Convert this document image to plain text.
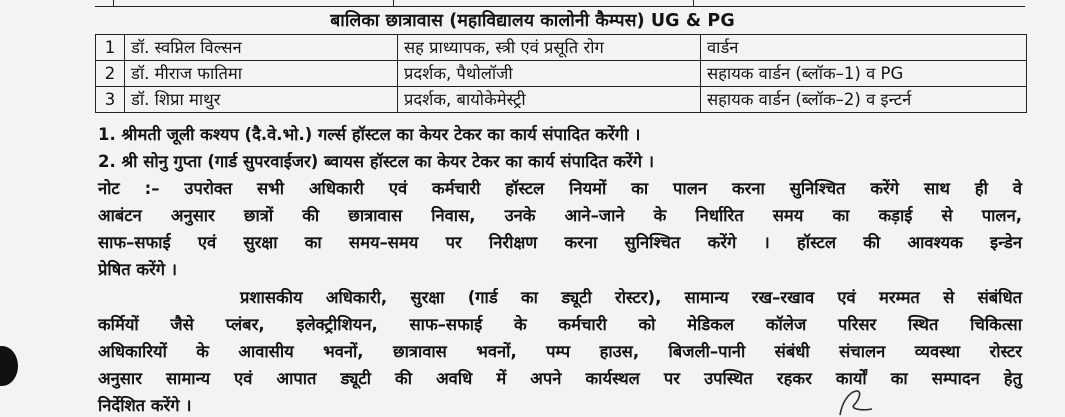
बालिका छात्रावास (महाविद्यालय कालोनी कैम्पस) UG & PG
1	डॉ. स्वप्निल विल्सन	सह प्राध्यापक, स्त्री एवं प्रसूति रोग	वार्डन
2	डॉ. मीराज फातिमा	प्रदर्शक, पैथोलॉजी	सहायक वार्डन (ब्लॉक–1) व PG
3	डॉ. शिप्रा माथुर	प्रदर्शक, बायोकेमेस्ट्री	सहायक वार्डन (ब्लॉक–2) व इन्टर्न
1. श्रीमती जूली कश्यप (दै.वे.भो.) गर्ल्स हॉस्टल का केयर टेकर का कार्य संपादित करेंगी ।
2. श्री सोनु गुप्ता (गार्ड सुपरवाईजर) ब्वायस हॉस्टल का केयर टेकर का कार्य संपादित करेंगे ।
नोट :– उपरोक्त सभी अधिकारी एवं कर्मचारी हॉस्टल नियमों का पालन करना सुनिश्चित करेंगे साथ ही वे
आबंटन अनुसार छात्रों की छात्रावास निवास, उनके आने–जाने के निर्धारित समय का कड़ाई से पालन,
साफ–सफाई एवं सुरक्षा का समय–समय पर निरीक्षण करना सुनिश्चित करेंगे । हॉस्टल की आवश्यक इन्डेन
प्रेषित करेंगे ।
प्रशासकीय अधिकारी, सुरक्षा (गार्ड का ड्यूटी रोस्टर), सामान्य रख–रखाव एवं मरम्मत से संबंधित
कर्मियों जैसे प्लंबर, इलेक्ट्रीशियन, साफ–सफाई के कर्मचारी को मेडिकल कॉलेज परिसर स्थित चिकित्सा
अधिकारियों के आवासीय भवनों, छात्रावास भवनों, पम्प हाउस, बिजली–पानी संबंधी संचालन व्यवस्था रोस्टर
अनुसार सामान्य एवं आपात ड्यूटी की अवधि में अपने कार्यस्थल पर उपस्थित रहकर कार्यों का सम्पादन हेतु
निर्देशित करेंगे ।
